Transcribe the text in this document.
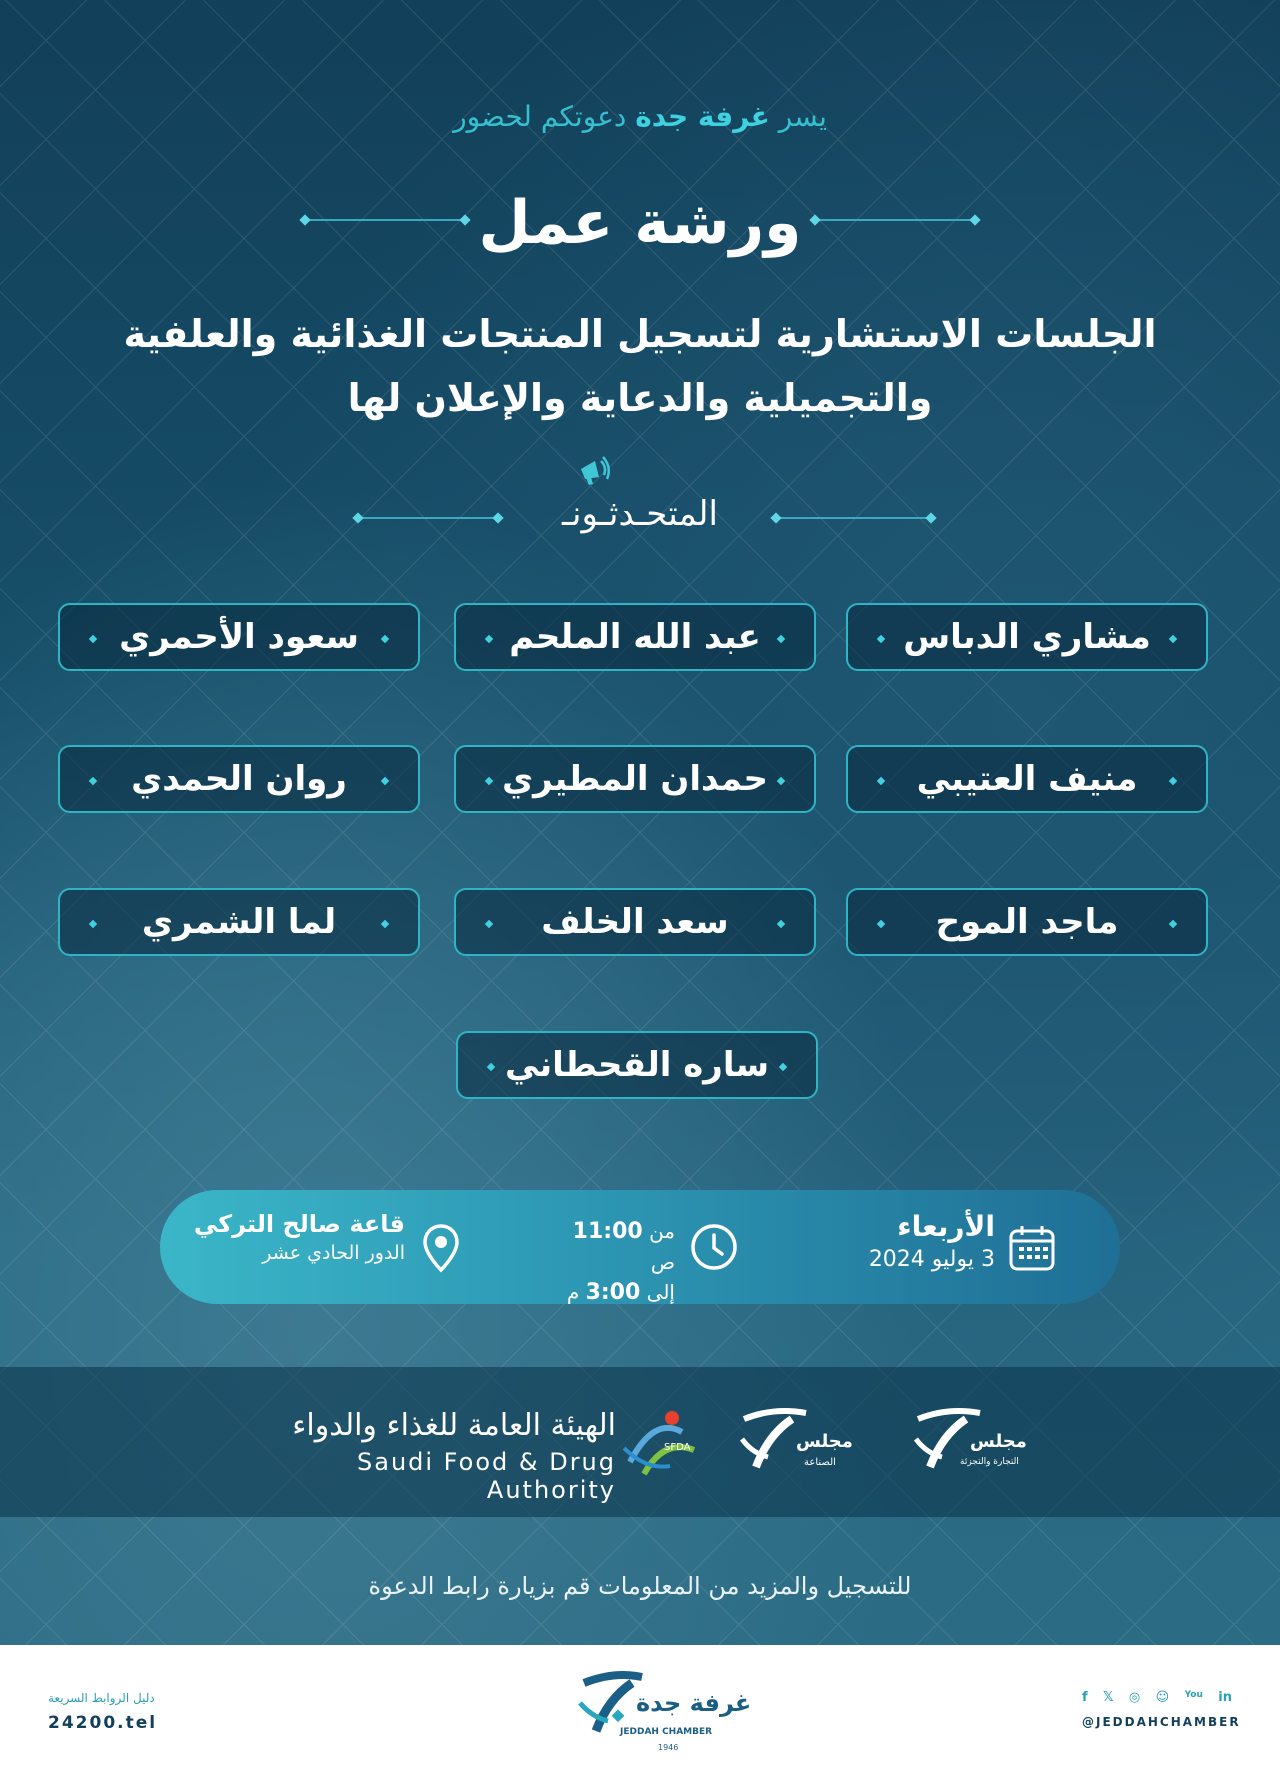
يسر غرفة جدة دعوتكم لحضور
ورشة عمل
الجلسات الاستشارية لتسجيل المنتجات الغذائية والعلفية
والتجميلية والدعاية والإعلان لها
المتحـدثـونـ
مشاري الدباس
عبد الله الملحم
سعود الأحمري
منيف العتيبي
حمدان المطيري
روان الحمدي
ماجد الموح
سعد الخلف
لما الشمري
ساره القحطاني
الأربعاء
3 يوليو 2024
من 11:00 ص
إلى 3:00 م
قاعة صالح التركي
الدور الحادي عشر
مجلس
التجارة والتجزئة
مجلس
الصناعة
SFDA
الهيئة العامة للغذاء والدواء
Saudi Food & Drug Authority
للتسجيل والمزيد من المعلومات قم بزيارة رابط الدعوة
دليل الروابط السريعة
24200.tel
غرفة جدة
JEDDAH CHAMBER
1946
f 𝕏 ◎ ☺ You in
@JEDDAHCHAMBER
